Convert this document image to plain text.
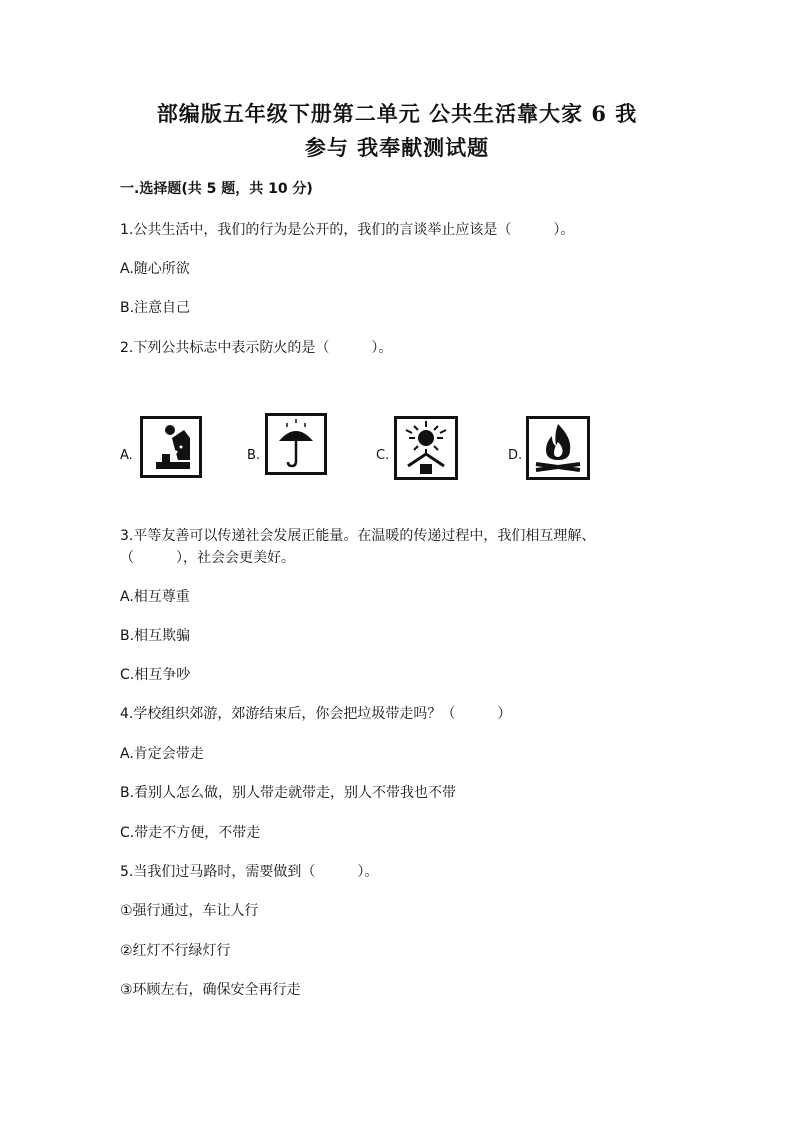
部编版五年级下册第二单元 公共生活靠大家 6 我
参与 我奉献测试题
一.选择题(共 5 题，共 10 分)
1.公共生活中，我们的行为是公开的，我们的言谈举止应该是（　　　）。
A.随心所欲
B.注意自己
2.下列公共标志中表示防火的是（　　　）。
A.	B.	C.	D.
3.平等友善可以传递社会发展正能量。在温暖的传递过程中，我们相互理解、
（　　　），社会会更美好。
A.相互尊重
B.相互欺骗
C.相互争吵
4.学校组织郊游，郊游结束后，你会把垃圾带走吗？（　　　）
A.肯定会带走
B.看别人怎么做，别人带走就带走，别人不带我也不带
C.带走不方便，不带走
5.当我们过马路时，需要做到（　　　）。
①强行通过，车让人行
②红灯不行绿灯行
③环顾左右，确保安全再行走
